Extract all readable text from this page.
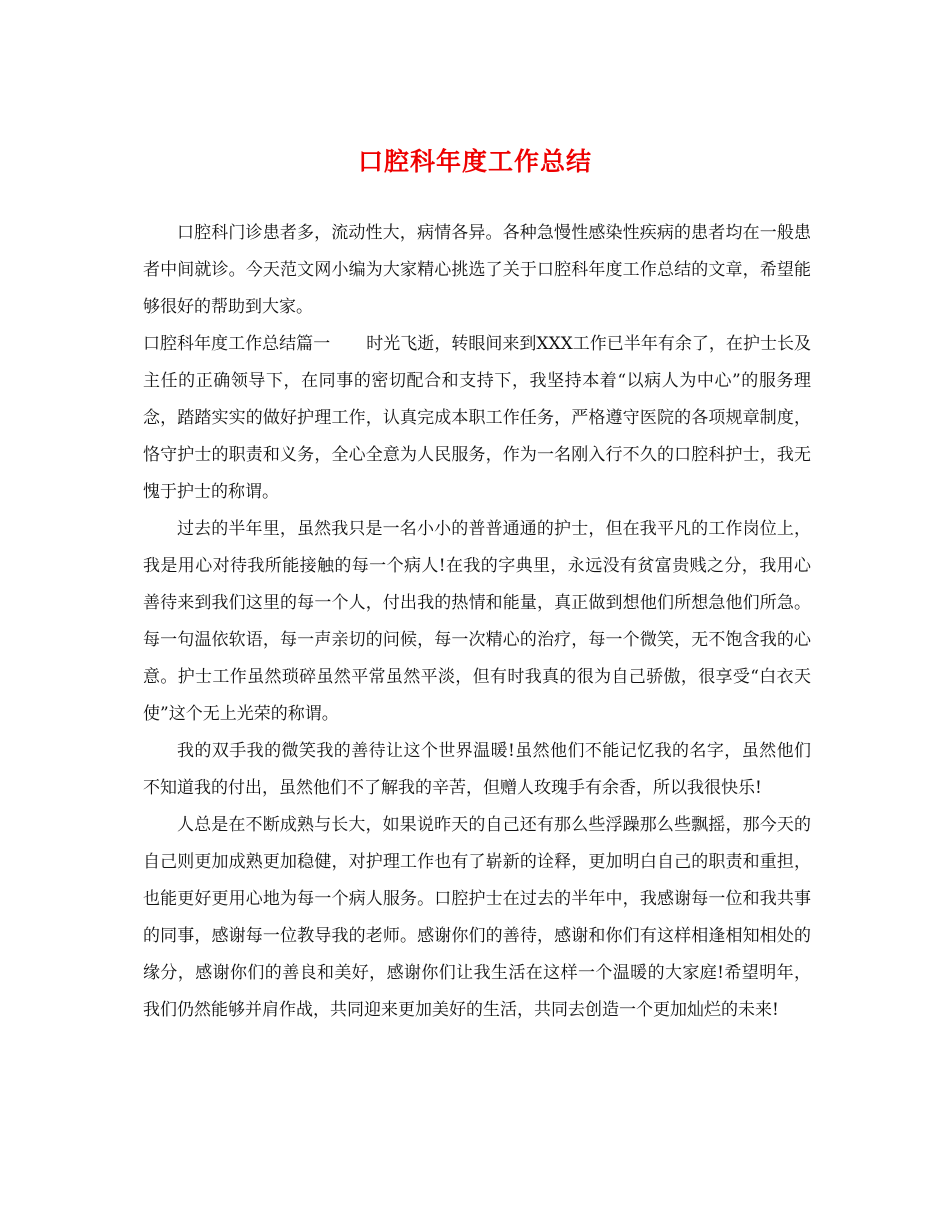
口腔科年度工作总结

口腔科门诊患者多，流动性大，病情各异。各种急慢性感染性疾病的患者均在一般患者中间就诊。今天范文网小编为大家精心挑选了关于口腔科年度工作总结的文章，希望能够很好的帮助到大家。

口腔科年度工作总结篇一 时光飞逝，转眼间来到XXX工作已半年有余了，在护士长及主任的正确领导下，在同事的密切配合和支持下，我坚持本着“以病人为中心”的服务理念，踏踏实实的做好护理工作，认真完成本职工作任务，严格遵守医院的各项规章制度，恪守护士的职责和义务，全心全意为人民服务，作为一名刚入行不久的口腔科护士，我无愧于护士的称谓。

过去的半年里，虽然我只是一名小小的普普通通的护士，但在我平凡的工作岗位上，我是用心对待我所能接触的每一个病人!在我的字典里，永远没有贫富贵贱之分，我用心善待来到我们这里的每一个人，付出我的热情和能量，真正做到想他们所想急他们所急。每一句温依软语，每一声亲切的问候，每一次精心的治疗，每一个微笑，无不饱含我的心意。护士工作虽然琐碎虽然平常虽然平淡，但有时我真的很为自己骄傲，很享受“白衣天使”这个无上光荣的称谓。

我的双手我的微笑我的善待让这个世界温暖!虽然他们不能记忆我的名字，虽然他们不知道我的付出，虽然他们不了解我的辛苦，但赠人玫瑰手有余香，所以我很快乐!

人总是在不断成熟与长大，如果说昨天的自己还有那么些浮躁那么些飘摇，那今天的自己则更加成熟更加稳健，对护理工作也有了崭新的诠释，更加明白自己的职责和重担，也能更好更用心地为每一个病人服务。口腔护士在过去的半年中，我感谢每一位和我共事的同事，感谢每一位教导我的老师。感谢你们的善待，感谢和你们有这样相逢相知相处的缘分，感谢你们的善良和美好，感谢你们让我生活在这样一个温暖的大家庭!希望明年，我们仍然能够并肩作战，共同迎来更加美好的生活，共同去创造一个更加灿烂的未来!
